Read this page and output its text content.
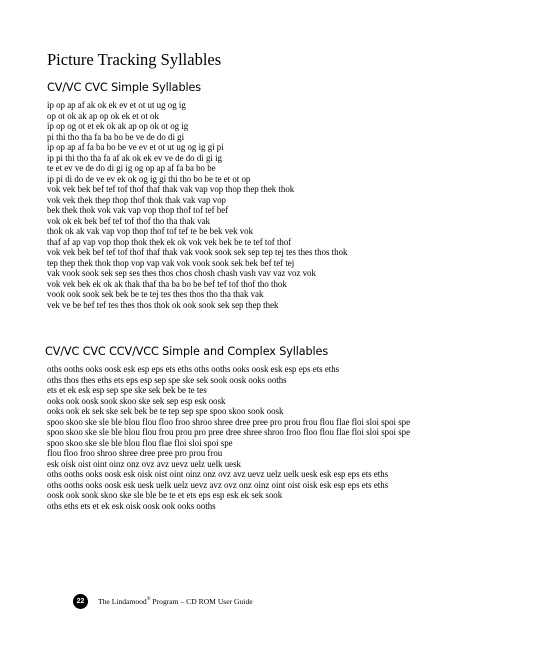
Picture Tracking Syllables
CV/VC CVC Simple Syllables
ip op ap af ak ok ek ev et ot ut ug og ig
op ot ok ak ap op ok ek et ot ok
ip op og ot et ek ok ak ap op ok ot og ig
pi thi tho tha fa ba bo be ve de do di gi
ip op ap af fa ba bo be ve ev et ot ut ug og ig gi pi
ip pi thi tho tha fa af ak ok ek ev ve de do di gi ig
te et ev ve de do di gi ig og op ap af fa ba bo be
ip pi di do de ve ev ek ok og ig gi thi tho bo be te et ot op
vok vek bek bef tef tof thof thaf thak vak vap vop thop thep thek thok
vok vek thek thep thop thof thok thak vak vap vop
bek thek thok vok vak vap vop thop thof tof tef bef
vok ok ek bek bef tef tof thof tho tha thak vak
thok ok ak vak vap vop thop thof tof tef te be bek vek vok
thaf af ap vap vop thop thok thek ek ok vok vek bek be te tef tof thof
vok vek bek bef tef tof thof thaf thak vak vook sook sek sep tep tej tes thes thos thok
tep thep thek thok thop vop vap vak vok vook sook sek bek bef tef tej
vak vook sook sek sep ses thes thos chos chosh chash vash vav vaz voz vok
vok vek bek ek ok ak thak thaf tha ba bo be bef tef tof thof tho thok
vook ook sook sek bek be te tej tes thes thos tho tha thak vak
vek ve be bef tef tes thes thos thok ok ook sook sek sep thep thek
CV/VC CVC CCV/VCC Simple and Complex Syllables
oths ooths ooks oosk esk esp eps ets eths oths ooths ooks oosk esk esp eps ets eths
oths thos thes eths ets eps esp sep spe ske sek sook oosk ooks ooths
ets et ek esk esp sep spe ske sek bek be te tes
ooks ook oosk sook skoo ske sek sep esp esk oosk
ooks ook ek sek ske sek bek be te tep sep spe spoo skoo sook oosk
spoo skoo ske sle ble blou flou floo froo shroo shree dree pree pro prou frou flou flae floi sloi spoi spe
spoo skoo ske sle ble blou flou frou prou pro pree dree shree shroo froo floo flou flae floi sloi spoi spe
spoo skoo ske sle ble blou flou flae floi sloi spoi spe
flou floo froo shroo shree dree pree pro prou frou
esk oisk oist oint oinz onz ovz avz uevz uelz uelk uesk
oths ooths ooks oosk esk oisk oist oint oinz onz ovz avz uevz uelz uelk uesk esk esp eps ets eths
oths ooths ooks oosk esk uesk uelk uelz uevz avz ovz onz oinz oint oist oisk esk esp eps ets eths
oosk ook sook skoo ske sle ble be te et ets eps esp esk ek sek sook
oths eths ets et ek esk oisk oosk ook ooks ooths
22	The Lindamood® Program – CD ROM User Guide
